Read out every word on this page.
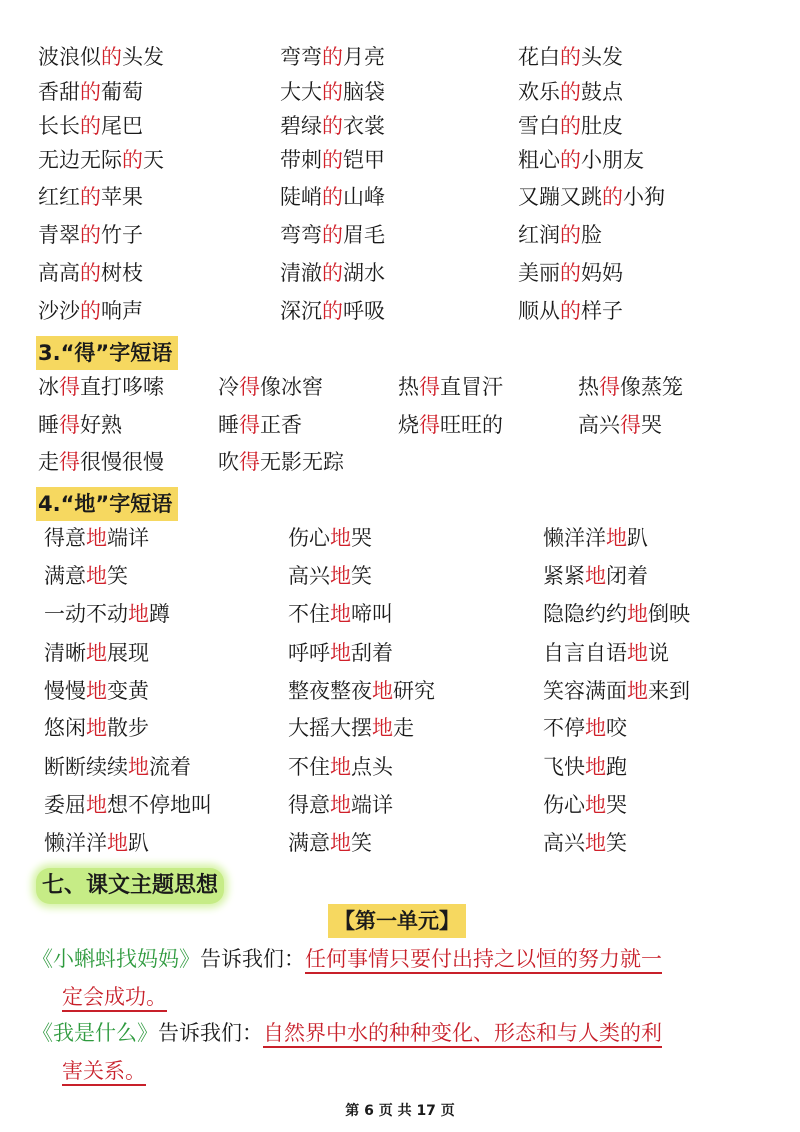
波浪似的头发	弯弯的月亮	花白的头发
香甜的葡萄	大大的脑袋	欢乐的鼓点
长长的尾巴	碧绿的衣裳	雪白的肚皮
无边无际的天	带刺的铠甲	粗心的小朋友
红红的苹果	陡峭的山峰	又蹦又跳的小狗
青翠的竹子	弯弯的眉毛	红润的脸
高高的树枝	清澈的湖水	美丽的妈妈
沙沙的响声	深沉的呼吸	顺从的样子
3.“得”字短语
冰得直打哆嗦	冷得像冰窖	热得直冒汗	热得像蒸笼
睡得好熟	睡得正香	烧得旺旺的	高兴得哭
走得很慢很慢	吹得无影无踪
4.“地”字短语
得意地端详	伤心地哭	懒洋洋地趴
满意地笑	高兴地笑	紧紧地闭着
一动不动地蹲	不住地啼叫	隐隐约约地倒映
清晰地展现	呼呼地刮着	自言自语地说
慢慢地变黄	整夜整夜地研究	笑容满面地来到
悠闲地散步	大摇大摆地走	不停地咬
断断续续地流着	不住地点头	飞快地跑
委屈地想不停地叫	得意地端详	伤心地哭
懒洋洋地趴	满意地笑	高兴地笑
七、课文主题思想
【第一单元】
《小蝌蚪找妈妈》告诉我们：任何事情只要付出持之以恒的努力就一
定会成功。
《我是什么》告诉我们：自然界中水的种种变化、形态和与人类的利
害关系。
第 6 页 共 17 页
